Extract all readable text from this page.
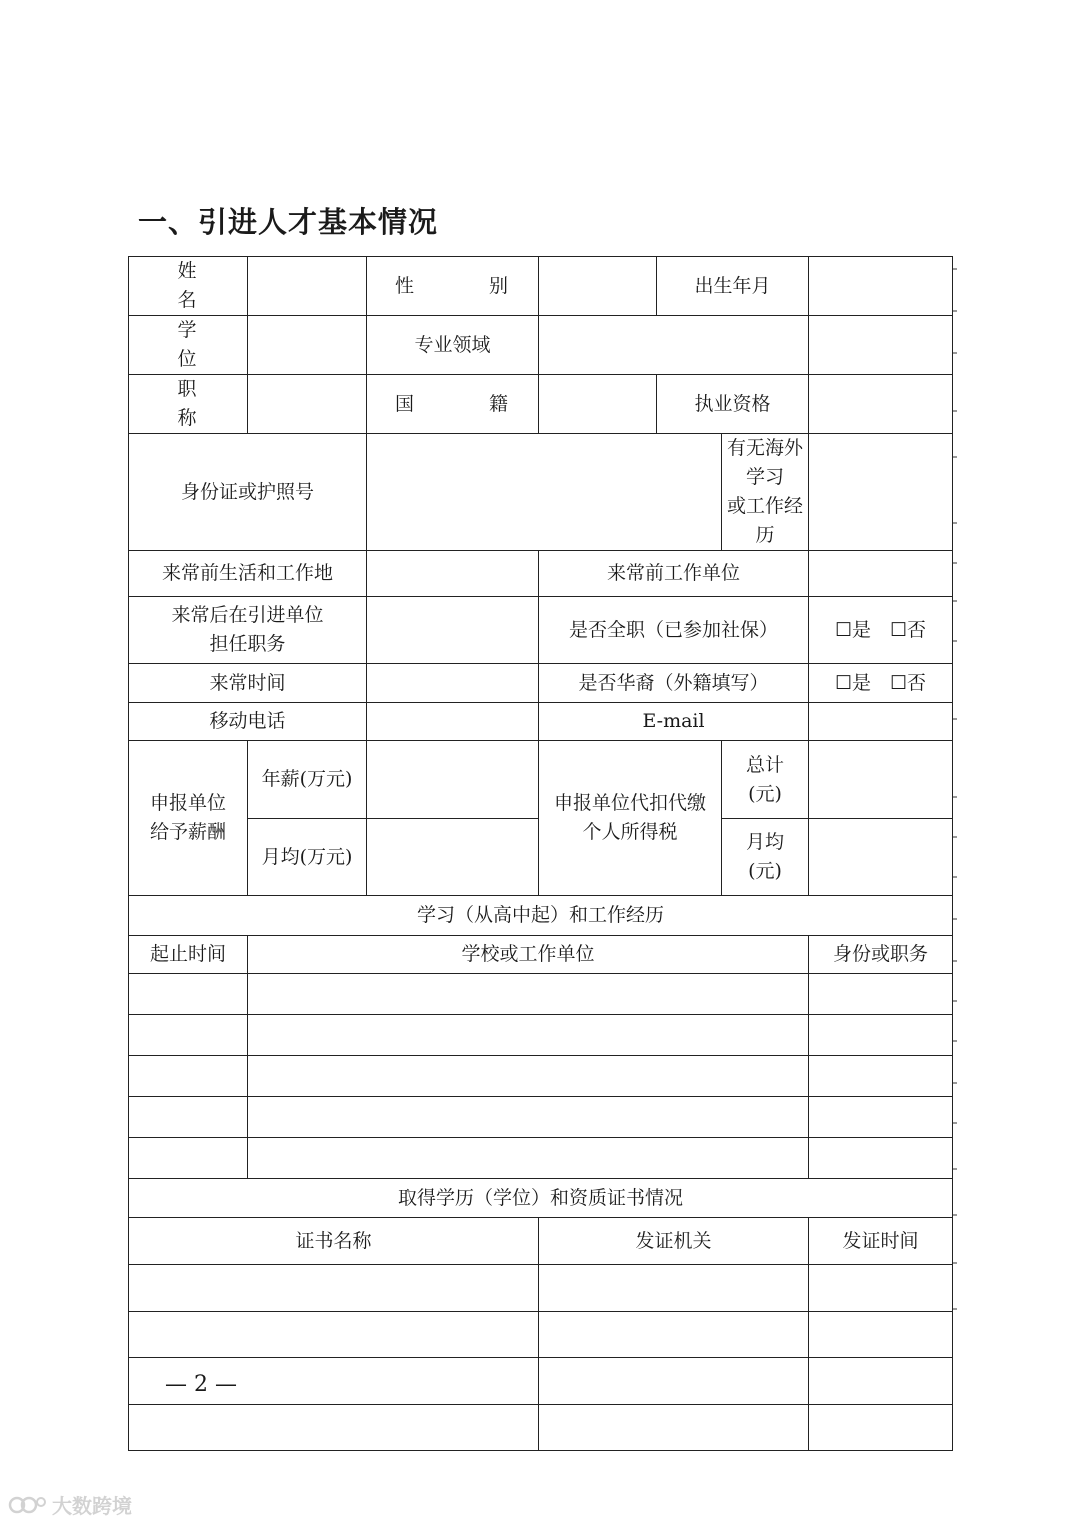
一、引进人才基本情况
姓　名		性　别		出生年月		
学　位		专业领域				
职　称		国　籍		执业资格		
身份证或护照号					有无海外学习
或工作经历	
来常前生活和工作地			来常前工作单位			
来常后在引进单位
担任职务			是否全职（已参加社保）			☐是　☐否
来常时间			是否华裔（外籍填写）			☐是　☐否
移动电话			E-mail			
申报单位
给予薪酬	年薪(万元)		申报单位代扣代缴
个人所得税		总计
(元)	
	月均(万元)				月均
(元)	
学习（从高中起）和工作经历						
起止时间	学校或工作单位					身份或职务

取得学历（学位）和资质证书情况						
证书名称			发证机关			发证时间

— 2 —
大数跨境
